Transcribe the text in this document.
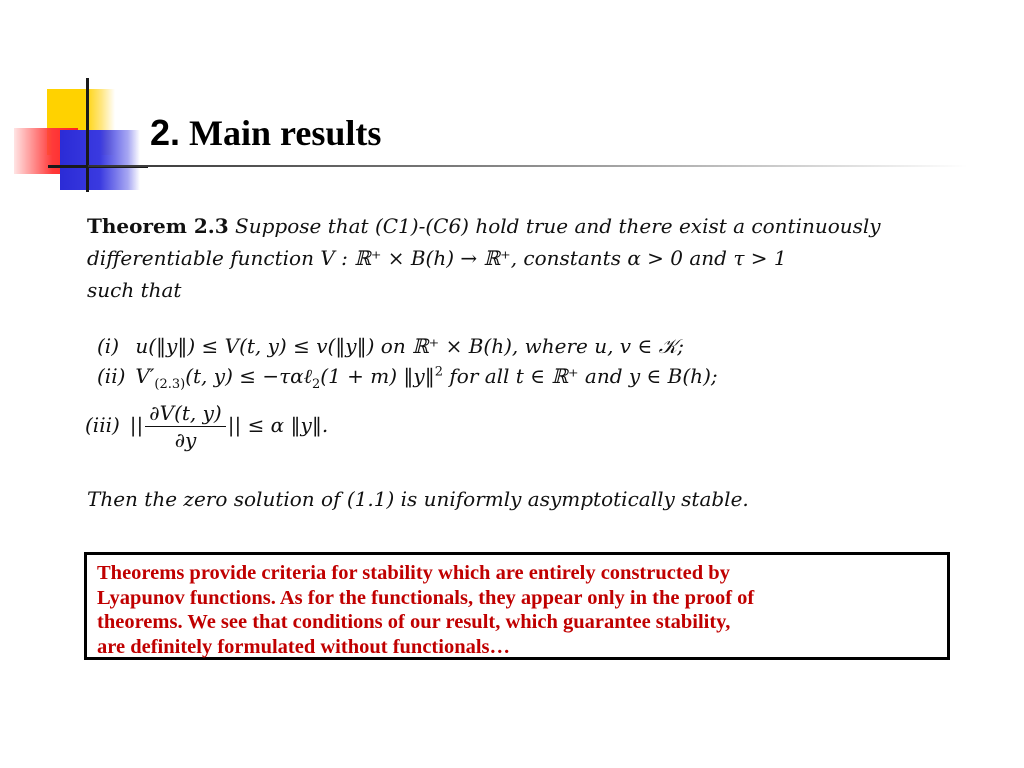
2. Main results
Theorem 2.3 Suppose that (C1)-(C6) hold true and there exist a continuously differentiable function V : ℝ⁺ × B(h) → ℝ⁺, constants α > 0 and τ > 1
such that
(i) u(‖y‖) ≤ V(t, y) ≤ v(‖y‖) on ℝ⁺ × B(h), where u, v ∈ 𝒦;
(ii) $V'_{(2.3)}(t$, y) ≤ −ταℓ$_2$(1 + m) ‖y‖$^2$ for all t ∈ ℝ⁺ and y ∈ B(h);
(iii) || $\frac{\partial V(t, y)}{\partial y}$ || ≤ α ‖y‖.
Then the zero solution of (1.1) is uniformly asymptotically stable.

Theorems provide criteria for stability which are entirely constructed by
Lyapunov functions. As for the functionals, they appear only in the proof of
theorems. We see that conditions of our result, which guarantee stability,
are definitely formulated without functionals…
